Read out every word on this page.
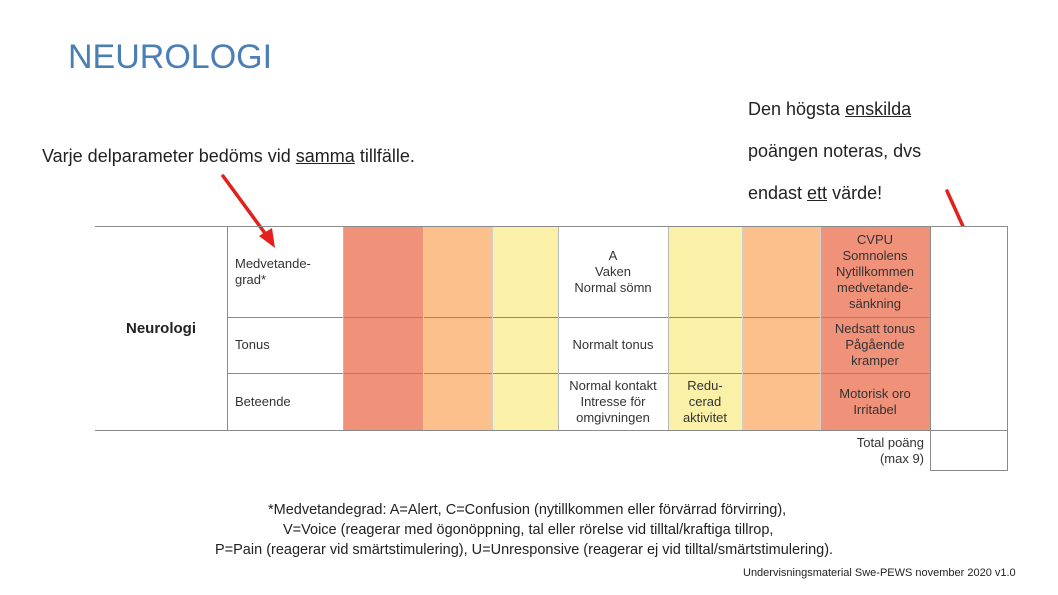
NEUROLOGI
Varje delparameter bedöms vid samma tillfälle.
Den högsta enskilda
poängen noteras, dvs
endast ett värde!
Neurologi
Medvetande-
grad*
A
Vaken
Normal sömn
CVPU
Somnolens
Nytillkommen
medvetande-
sänkning
Tonus	Normalt tonus
Nedsatt tonus
Pågående
kramper
Beteende
Normal kontakt
Intresse för
omgivningen
Redu-
cerad
aktivitet
Motorisk oro
Irritabel
Total poäng
(max 9)
*Medvetandegrad: A=Alert, C=Confusion (nytillkommen eller förvärrad förvirring),
V=Voice (reagerar med ögonöppning, tal eller rörelse vid tilltal/kraftiga tillrop,
P=Pain (reagerar vid smärtstimulering), U=Unresponsive (reagerar ej vid tilltal/smärtstimulering).
Undervisningsmaterial Swe-PEWS november 2020 v1.0
